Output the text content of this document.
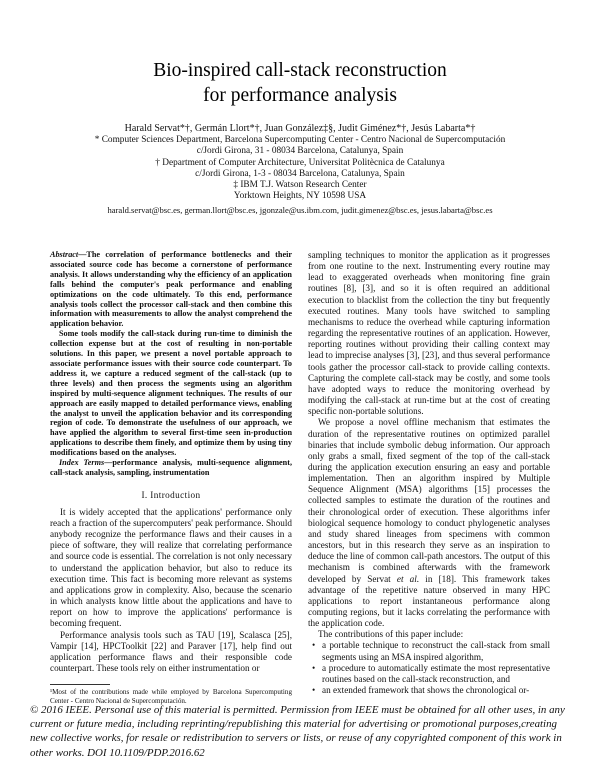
Bio-inspired call-stack reconstruction
for performance analysis
Harald Servat*†, Germán Llort*†, Juan González‡§, Judit Giménez*†, Jesús Labarta*†
* Computer Sciences Department, Barcelona Supercomputing Center - Centro Nacional de Supercomputación
c/Jordi Girona, 31 - 08034 Barcelona, Catalunya, Spain
† Department of Computer Architecture, Universitat Politècnica de Catalunya
c/Jordi Girona, 1-3 - 08034 Barcelona, Catalunya, Spain
‡ IBM T.J. Watson Research Center
Yorktown Heights, NY 10598 USA
harald.servat@bsc.es, german.llort@bsc.es, jgonzale@us.ibm.com, judit.gimenez@bsc.es, jesus.labarta@bsc.es

Abstract—The correlation of performance bottlenecks and their associated source code has become a cornerstone of performance analysis. It allows understanding why the efficiency of an application falls behind the computer's peak performance and enabling optimizations on the code ultimately. To this end, performance analysis tools collect the processor call-stack and then combine this information with measurements to allow the analyst comprehend the application behavior.

Some tools modify the call-stack during run-time to diminish the collection expense but at the cost of resulting in non-portable solutions. In this paper, we present a novel portable approach to associate performance issues with their source code counterpart. To address it, we capture a reduced segment of the call-stack (up to three levels) and then process the segments using an algorithm inspired by multi-sequence alignment techniques. The results of our approach are easily mapped to detailed performance views, enabling the analyst to unveil the application behavior and its corresponding region of code. To demonstrate the usefulness of our approach, we have applied the algorithm to several first-time seen in-production applications to describe them finely, and optimize them by using tiny modifications based on the analyses.

Index Terms—performance analysis, multi-sequence alignment, call-stack analysis, sampling, instrumentation

I. Introduction

It is widely accepted that the applications' performance only reach a fraction of the supercomputers' peak performance. Should anybody recognize the performance flaws and their causes in a piece of software, they will realize that correlating performance and source code is essential. The correlation is not only necessary to understand the application behavior, but also to reduce its execution time. This fact is becoming more relevant as systems and applications grow in complexity. Also, because the scenario in which analysts know little about the applications and have to report on how to improve the applications' performance is becoming frequent.

Performance analysis tools such as TAU [19], Scalasca [25], Vampir [14], HPCToolkit [22] and Paraver [17], help find out application performance flaws and their responsible code counterpart. These tools rely on either instrumentation or

¹Most of the contributions made while employed by Barcelona Supercomputing Center - Centro Nacional de Supercomputación.

sampling techniques to monitor the application as it progresses from one routine to the next. Instrumenting every routine may lead to exaggerated overheads when monitoring fine grain routines [8], [3], and so it is often required an additional execution to blacklist from the collection the tiny but frequently executed routines. Many tools have switched to sampling mechanisms to reduce the overhead while capturing information regarding the representative routines of an application. However, reporting routines without providing their calling context may lead to imprecise analyses [3], [23], and thus several performance tools gather the processor call-stack to provide calling contexts. Capturing the complete call-stack may be costly, and some tools have adopted ways to reduce the monitoring overhead by modifying the call-stack at run-time but at the cost of creating specific non-portable solutions.

We propose a novel offline mechanism that estimates the duration of the representative routines on optimized parallel binaries that include symbolic debug information. Our approach only grabs a small, fixed segment of the top of the call-stack during the application execution ensuring an easy and portable implementation. Then an algorithm inspired by Multiple Sequence Alignment (MSA) algorithms [15] processes the collected samples to estimate the duration of the routines and their chronological order of execution. These algorithms infer biological sequence homology to conduct phylogenetic analyses and study shared lineages from specimens with common ancestors, but in this research they serve as an inspiration to deduce the line of common call-path ancestors. The output of this mechanism is combined afterwards with the framework developed by Servat et al. in [18]. This framework takes advantage of the repetitive nature observed in many HPC applications to report instantaneous performance along computing regions, but it lacks correlating the performance with the application code.

The contributions of this paper include:

• a portable technique to reconstruct the call-stack from small segments using an MSA inspired algorithm,
• a procedure to automatically estimate the most representative routines based on the call-stack reconstruction, and
• an extended framework that shows the chronological or-
© 2016 IEEE. Personal use of this material is permitted. Permission from IEEE must be obtained for all other uses, in any current or future media, including reprinting/republishing this material for advertising or promotional purposes,creating new collective works, for resale or redistribution to servers or lists, or reuse of any copyrighted component of this work in other works. DOI 10.1109/PDP.2016.62
